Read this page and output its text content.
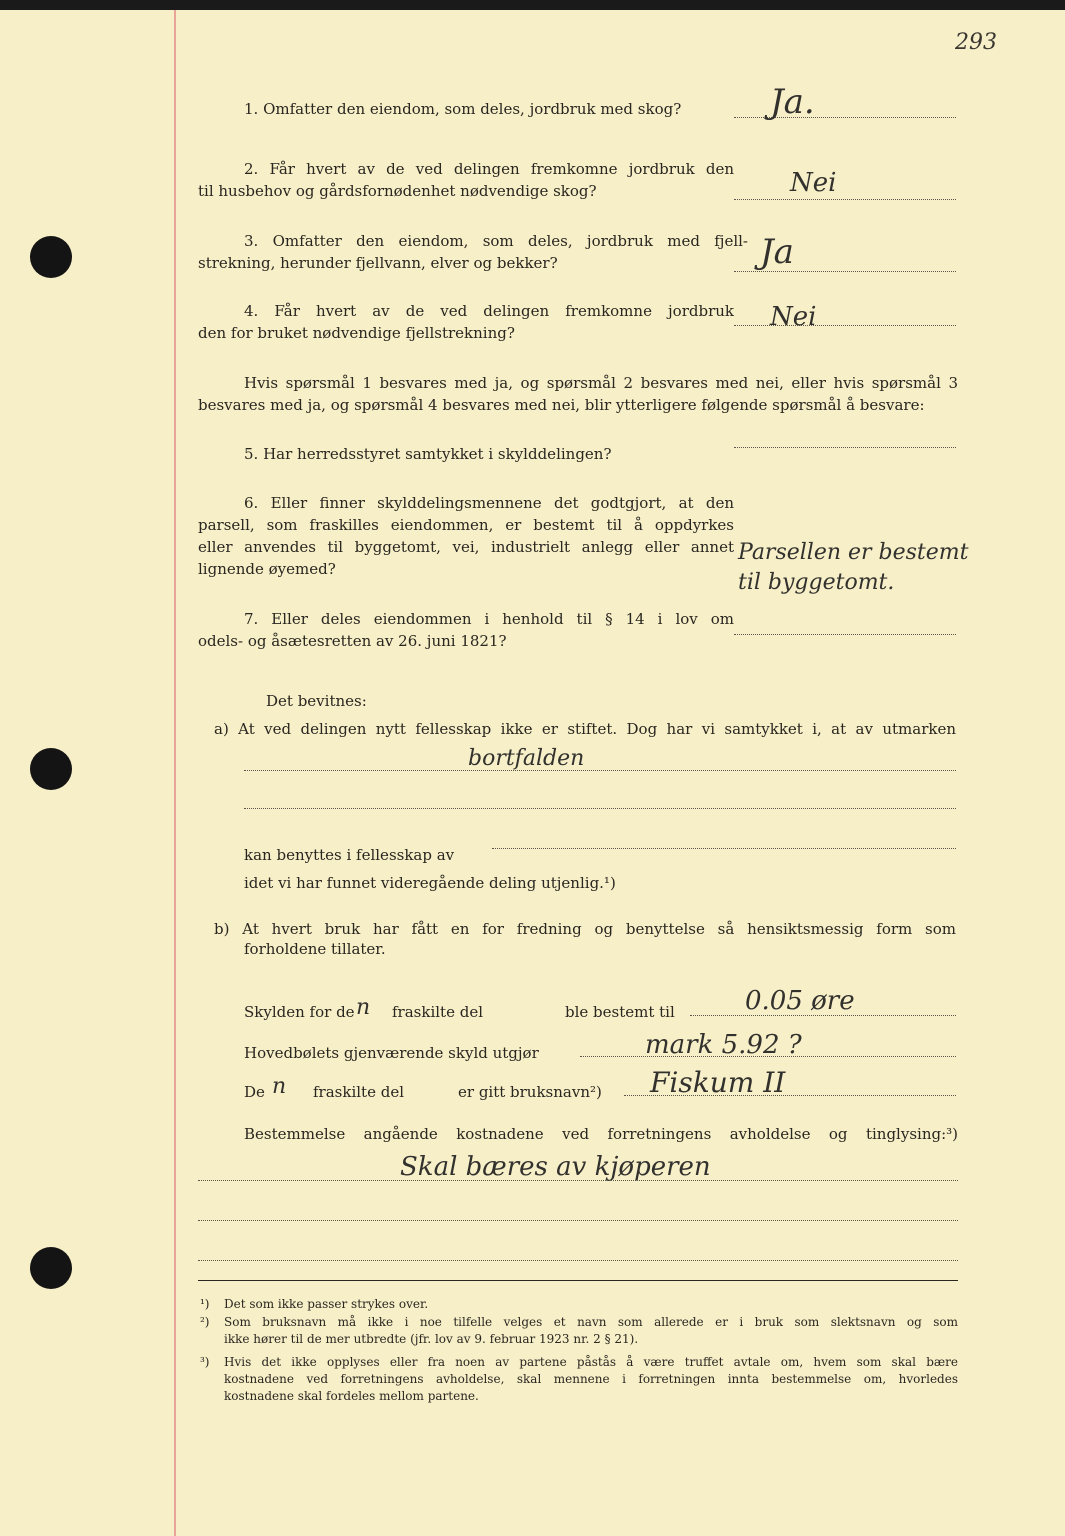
293
1. Omfatter den eiendom, som deles, jordbruk med skog?	Ja.
2. Får hvert av de ved delingen fremkomne jordbruk den
til husbehov og gårdsfornødenhet nødvendige skog?	Nei
3. Omfatter den eiendom, som deles, jordbruk med fjell-
strekning, herunder fjellvann, elver og bekker?	Ja
4. Får hvert av de ved delingen fremkomne jordbruk
den for bruket nødvendige fjellstrekning?
Nei
Hvis spørsmål 1 besvares med ja, og spørsmål 2 besvares med nei, eller hvis spørsmål 3
besvares med ja, og spørsmål 4 besvares med nei, blir ytterligere følgende spørsmål å besvare:
5. Har herredsstyret samtykket i skylddelingen?
6. Eller finner skylddelingsmennene det godtgjort, at den
parsell, som fraskilles eiendommen, er bestemt til å oppdyrkes
eller anvendes til byggetomt, vei, industrielt anlegg eller annet
lignende øyemed?
Parsellen er bestemt
til byggetomt.
7. Eller deles eiendommen i henhold til § 14 i lov om
odels- og åsætesretten av 26. juni 1821?
Det bevitnes:
a) At ved delingen nytt fellesskap ikke er stiftet. Dog har vi samtykket i, at av utmarken
bortfalden
kan benyttes i fellesskap av
idet vi har funnet videregående deling utjenlig.¹)
b) At hvert bruk har fått en for fredning og benyttelse så hensiktsmessig form som
forholdene tillater.
Skylden for de n fraskilte del	ble bestemt til	0.05 øre
Hovedbølets gjenværende skyld utgjør	mark 5.92 ?
De n fraskilte del	er gitt bruksnavn²) Fiskum II
Bestemmelse angående kostnadene ved forretningens avholdelse og tinglysing:³)
Skal bæres av kjøperen
¹) Det som ikke passer strykes over.
²) Som bruksnavn må ikke i noe tilfelle velges et navn som allerede er i bruk som slektsnavn og som
ikke hører til de mer utbredte (jfr. lov av 9. februar 1923 nr. 2 § 21).
³) Hvis det ikke opplyses eller fra noen av partene påstås å være truffet avtale om, hvem som skal bære
kostnadene ved forretningens avholdelse, skal mennene i forretningen innta bestemmelse om, hvorledes
kostnadene skal fordeles mellom partene.
